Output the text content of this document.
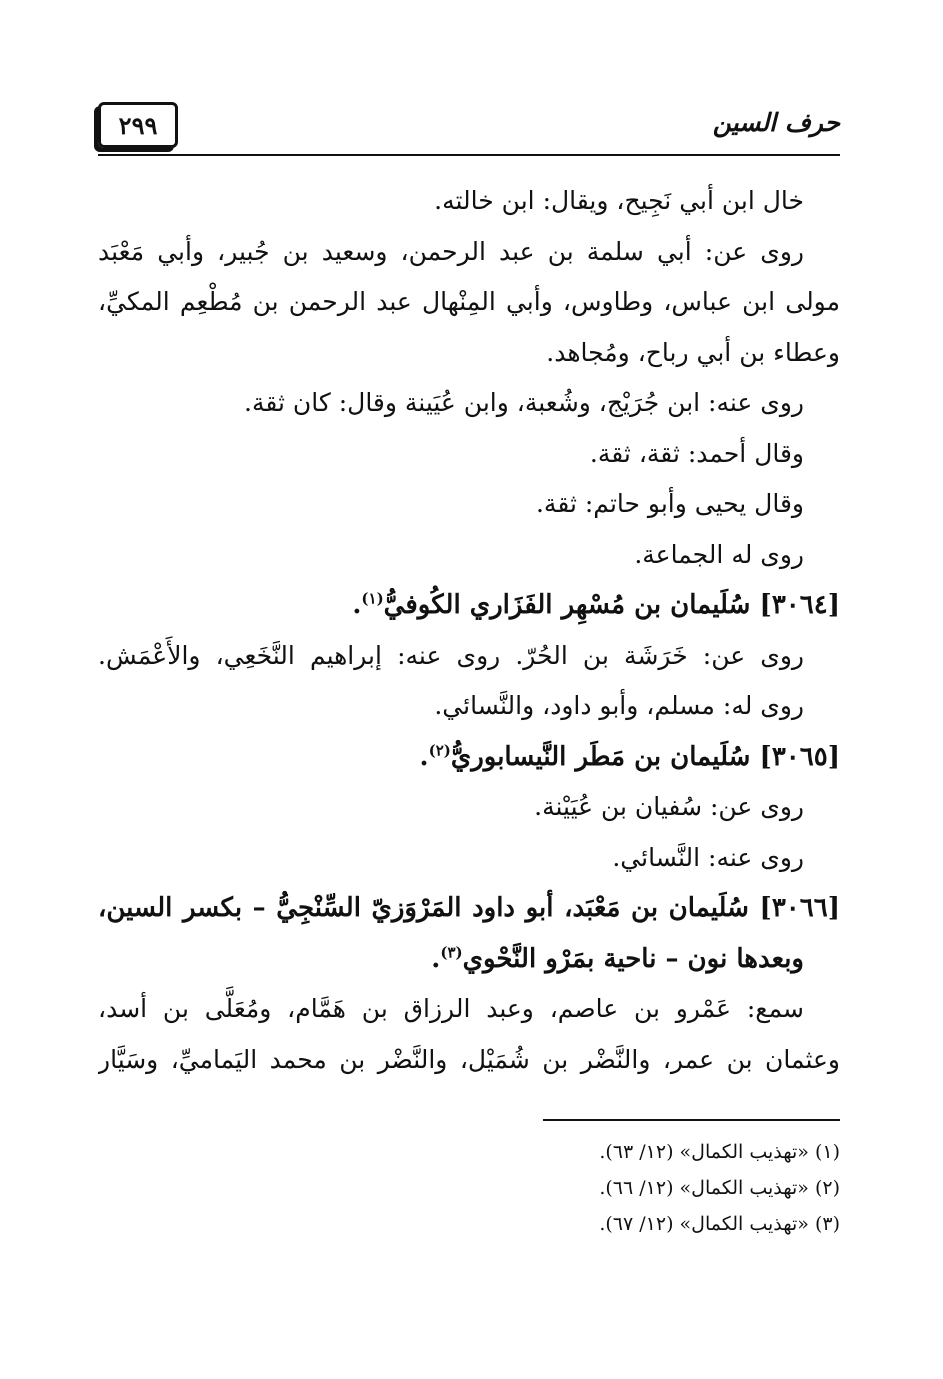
٢٩٩	حرف السين
خال ابن أبي نَجِيح، ويقال: ابن خالته.
روى عن: أبي سلمة بن عبد الرحمن، وسعيد بن جُبير، وأبي مَعْبَد
مولى ابن عباس، وطاوس، وأبي المِنْهال عبد الرحمن بن مُطْعِم المكيِّ،
وعطاء بن أبي رباح، ومُجاهد.
روى عنه: ابن جُرَيْج، وشُعبة، وابن عُيَينة وقال: كان ثقة.
وقال أحمد: ثقة، ثقة.
وقال يحيى وأبو حاتم: ثقة.
روى له الجماعة.
[٣٠٦٤] سُلَيمان بن مُسْهِر الفَزَاري الكُوفيُّ$^{(١)}$.
روى عن: خَرَشَة بن الحُرّ. روى عنه: إبراهيم النَّخَعِي، والأَعْمَش.
روى له: مسلم، وأبو داود، والنَّسائي.
[٣٠٦٥] سُلَيمان بن مَطَر النَّيسابوريُّ$^{(٢)}$.
روى عن: سُفيان بن عُيَيْنة.
روى عنه: النَّسائي.
[٣٠٦٦] سُلَيمان بن مَعْبَد، أبو داود المَرْوَزيّ السِّنْجِيُّ – بكسر السين،
وبعدها نون – ناحية بمَرْو النَّحْوي$^{(٣)}$.
سمع: عَمْرو بن عاصم، وعبد الرزاق بن هَمَّام، ومُعَلَّى بن أسد،
وعثمان بن عمر، والنَّضْر بن شُمَيْل، والنَّضْر بن محمد اليَماميِّ، وسَيَّار
(١) «تهذيب الكمال» (١٢/ ٦٣).
(٢) «تهذيب الكمال» (١٢/ ٦٦).
(٣) «تهذيب الكمال» (١٢/ ٦٧).
